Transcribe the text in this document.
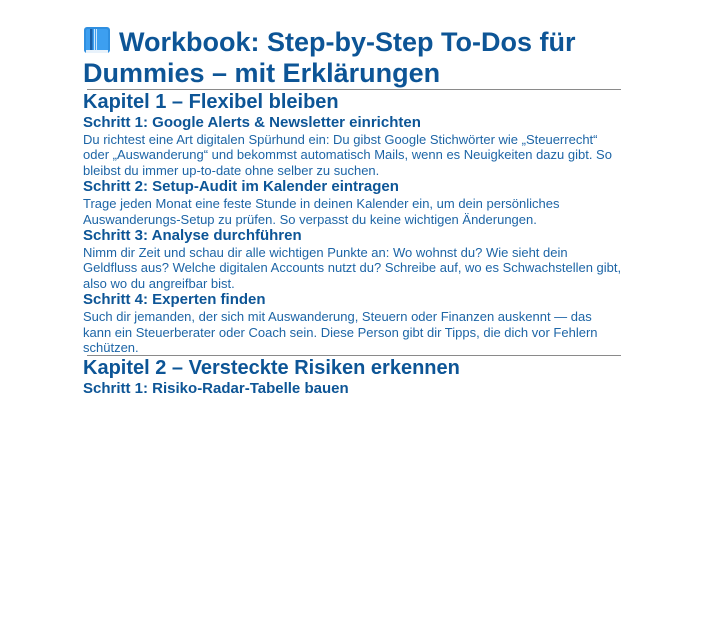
Workbook: Step-by-Step To-Dos für Dummies – mit Erklärungen
Kapitel 1 – Flexibel bleiben
Schritt 1: Google Alerts & Newsletter einrichten

Du richtest eine Art digitalen Spürhund ein: Du gibst Google Stichwörter wie „Steuerrecht“ oder „Auswanderung“ und bekommst automatisch Mails, wenn es Neuigkeiten dazu gibt. So bleibst du immer up-to-date ohne selber zu suchen.

Schritt 2: Setup-Audit im Kalender eintragen

Trage jeden Monat eine feste Stunde in deinen Kalender ein, um dein persönliches Auswanderungs-Setup zu prüfen. So verpasst du keine wichtigen Änderungen.

Schritt 3: Analyse durchführen

Nimm dir Zeit und schau dir alle wichtigen Punkte an: Wo wohnst du? Wie sieht dein Geldfluss aus? Welche digitalen Accounts nutzt du? Schreibe auf, wo es Schwachstellen gibt, also wo du angreifbar bist.

Schritt 4: Experten finden

Such dir jemanden, der sich mit Auswanderung, Steuern oder Finanzen auskennt — das kann ein Steuerberater oder Coach sein. Diese Person gibt dir Tipps, die dich vor Fehlern schützen.

Kapitel 2 – Versteckte Risiken erkennen
Schritt 1: Risiko-Radar-Tabelle bauen
